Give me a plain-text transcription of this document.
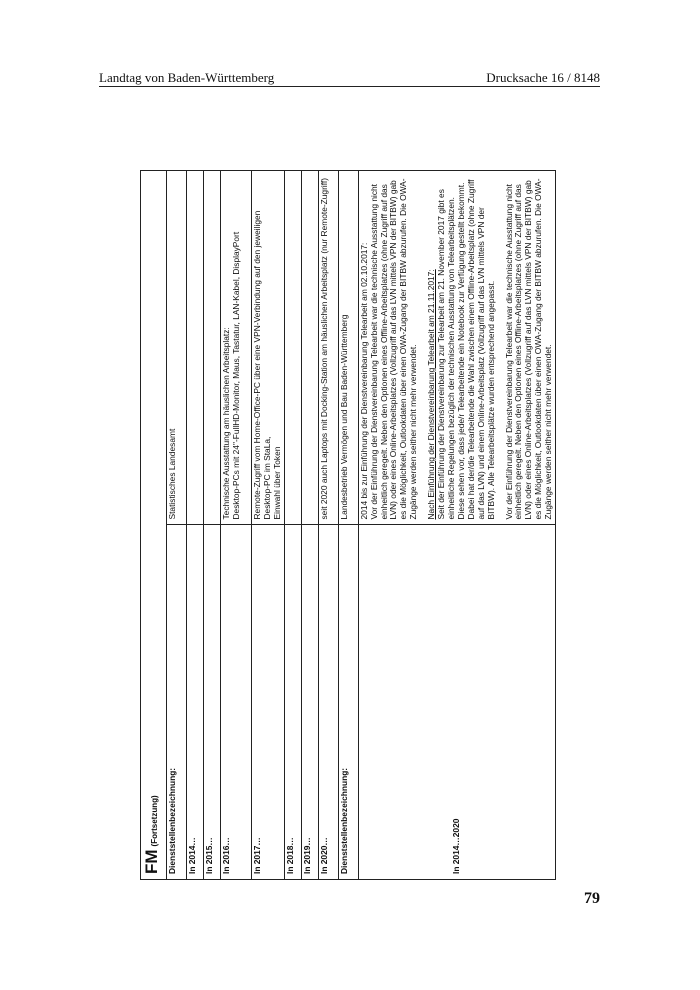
Landtag von Baden-Württemberg	Drucksache 16 / 8148
FM(Fortsetzung)	
Dienststellenbezeichnung:	Statistisches Landesamt
In 2014…	
In 2015…	
In 2016…	Technische Ausstattung am häuslichen Arbeitsplatz:
Desktop-PCs mit 24"-FullHD-Monitor, Maus, Tastatur, LAN-Kabel, DisplayPort
In 2017…	Remote-Zugriff vom Home-Office-PC über eine VPN-Verbindung auf den jeweiligen Desktop-PC im StaLa,
Einwahl über Token
In 2018…	
In 2019…	
In 2020…	seit 2020 auch Laptops mit Docking-Station am häuslichen Arbeitsplatz (nur Remote-Zugriff)
Dienststellenbezeichnung:	Landesbetrieb Vermögen und Bau Baden-Württemberg
In 2014…2020	2014 bis zur Einführung der Dienstvereinbarung Telearbeit am 02.10.2017: Vor der Einführung der Dienstvereinbarung Telearbeit war die technische Ausstattung nicht einheitlich geregelt. Neben den Optionen eines Offline-Arbeitsplatzes (ohne Zugriff auf das LVN) oder eines Online-Arbeitsplatzes (Vollzugriff auf das LVN mittels VPN der BITBW) gab es die Möglichkeit, Outlookdaten über einen OWA-Zugang der BITBW abzurufen. Die OWA-Zugänge werden seither nicht mehr verwendet. Nach Einführung der Dienstvereinbarung Telearbeit am 21.11.2017: Seit der Einführung der Dienstvereinbarung zur Telearbeit am 21. November 2017 gibt es einheitliche Regelungen bezüglich der technischen Ausstattung von Telearbeitsplätzen. Diese sehen vor, dass jede/r Telearbeitende ein Notebook zur Verfügung gestellt bekommt. Dabei hat der/die Telearbeitende die Wahl zwischen einem Offline-Arbeitsplatz (ohne Zugriff auf das LVN) und einem Online-Arbeitsplatz (Vollzugriff auf das LVN mittels VPN der BITBW). Alle Telearbeitsplätze wurden entsprechend angepasst. Vor der Einführung der Dienstvereinbarung Telearbeit war die technische Ausstattung nicht einheitlich geregelt. Neben den Optionen eines Offline-Arbeitsplatzes (ohne Zugriff auf das LVN) oder eines Online-Arbeitsplatzes (Vollzugriff auf das LVN mittels VPN der BITBW) gab es die Möglichkeit, Outlookdaten über einen OWA-Zugang der BITBW abzurufen. Die OWA-Zugänge werden seither nicht mehr verwendet.
79
